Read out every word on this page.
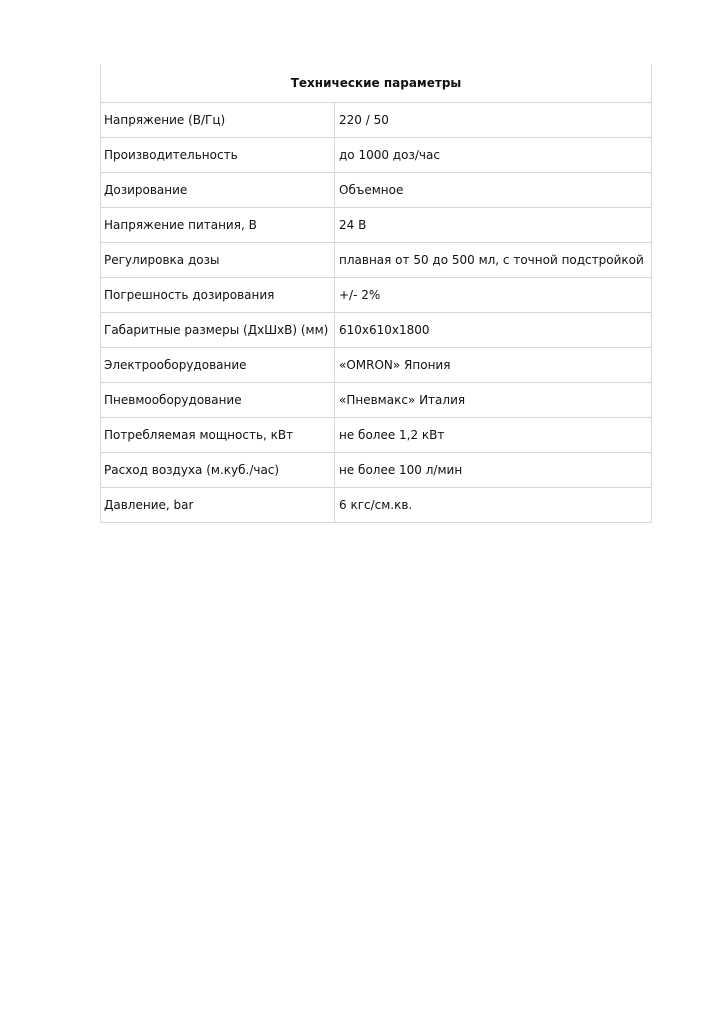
Технические параметры	
Напряжение (В/Гц)	220 / 50
Производительность	до 1000 доз/час
Дозирование	Объемное
Напряжение питания, В	24 В
Регулировка дозы	плавная от 50 до 500 мл, с точной подстройкой
Погрешность дозирования	+/- 2%
Габаритные размеры (ДхШхВ) (мм)	610х610х1800
Электрооборудование	«OMRON» Япония
Пневмооборудование	«Пневмакс» Италия
Потребляемая мощность, кВт	не более 1,2 кВт
Расход воздуха (м.куб./час)	не более 100 л/мин
Давление, bar	6 кгс/см.кв.
